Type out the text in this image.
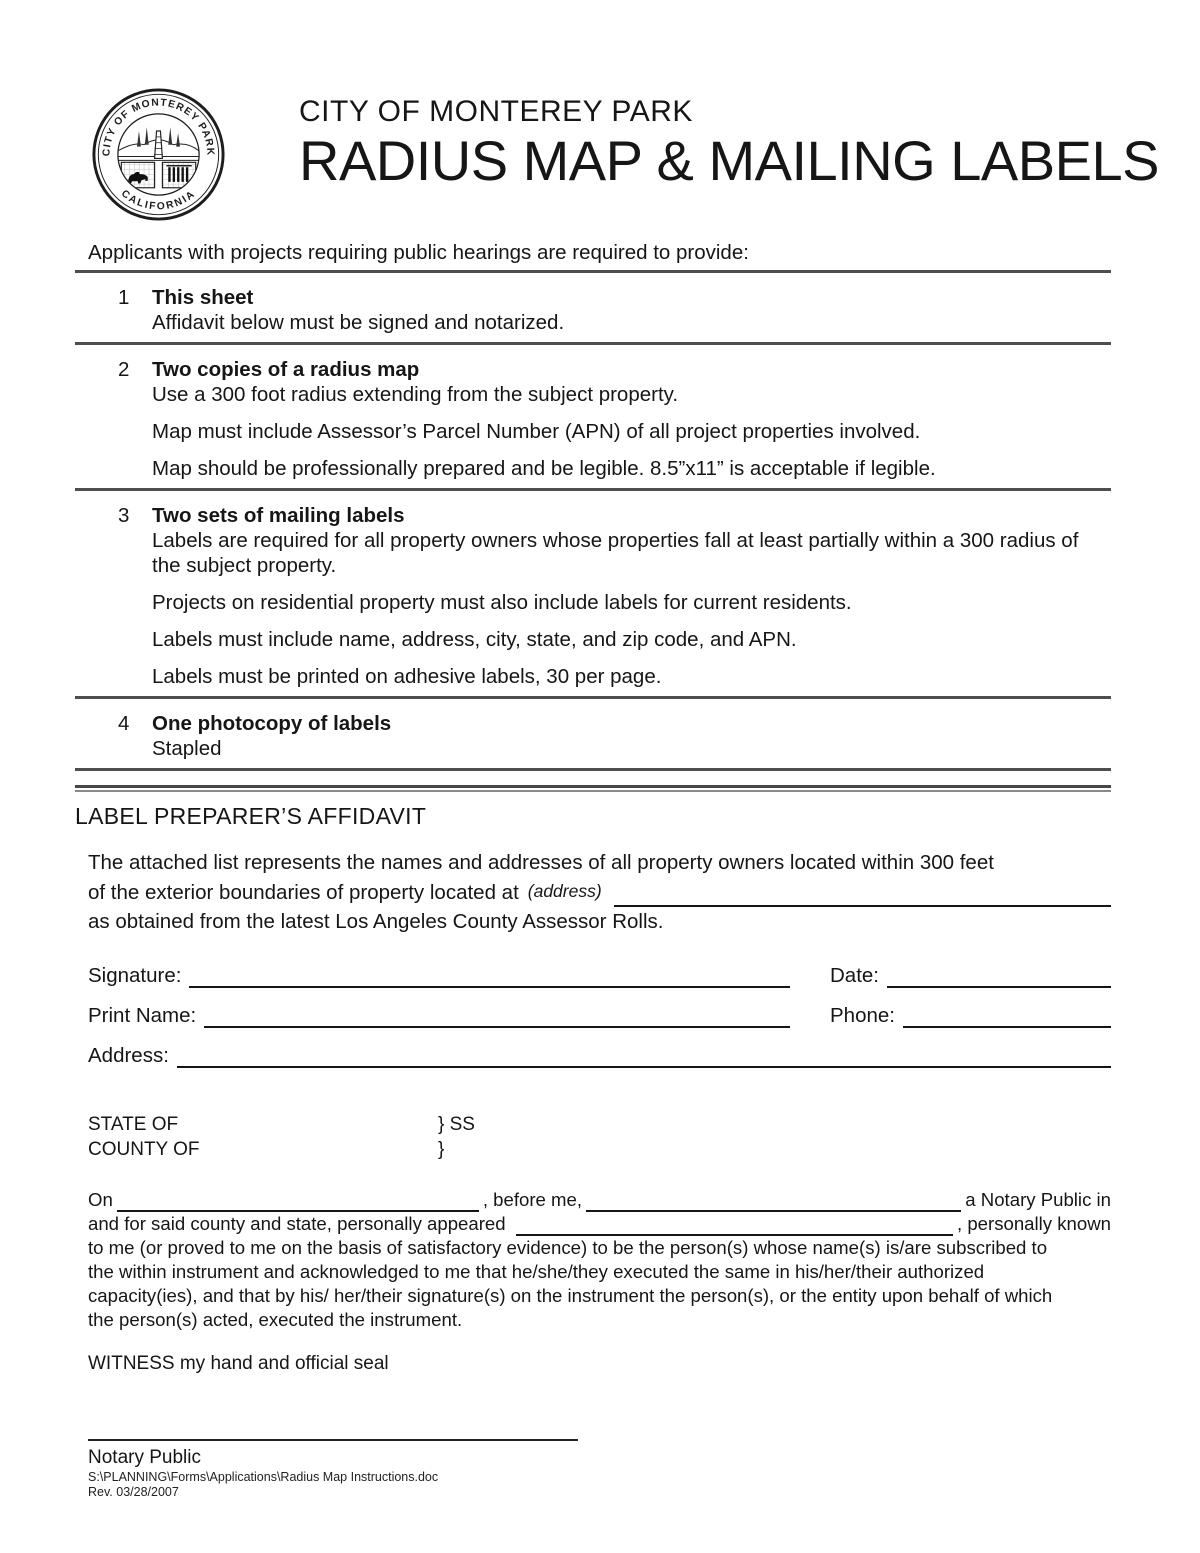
CITY OF MONTEREY PARK
CALIFORNIA
CITY OF MONTEREY PARK
RADIUS MAP & MAILING LABELS
Applicants with projects requiring public hearings are required to provide:
1	This sheet

Affidavit below must be signed and notarized.

2	Two copies of a radius map

Use a 300 foot radius extending from the subject property.

Map must include Assessor’s Parcel Number (APN) of all project properties involved.

Map should be professionally prepared and be legible. 8.5”x11” is acceptable if legible.

3	Two sets of mailing labels

Labels are required for all property owners whose properties fall at least partially within a 300 radius of the subject property.

Projects on residential property must also include labels for current residents.

Labels must include name, address, city, state, and zip code, and APN.

Labels must be printed on adhesive labels, 30 per page.

4	One photocopy of labels

Stapled

LABEL PREPARER’S AFFIDAVIT
The attached list represents the names and addresses of all property owners located within 300 feet
of the exterior boundaries of property located at (address)
as obtained from the latest Los Angeles County Assessor Rolls.
Signature:	Date:
Print Name:	Phone:
Address:
STATE OF	} SS
COUNTY OF	}
On	, before me,	a Notary Public in
and for said county and state, personally appeared	, personally known
to me (or proved to me on the basis of satisfactory evidence) to be the person(s) whose name(s) is/are subscribed to
the within instrument and acknowledged to me that he/she/they executed the same in his/her/their authorized
capacity(ies), and that by his/ her/their signature(s) on the instrument the person(s), or the entity upon behalf of which
the person(s) acted, executed the instrument.
WITNESS my hand and official seal
Notary Public
S:\PLANNING\Forms\Applications\Radius Map Instructions.doc
Rev. 03/28/2007
